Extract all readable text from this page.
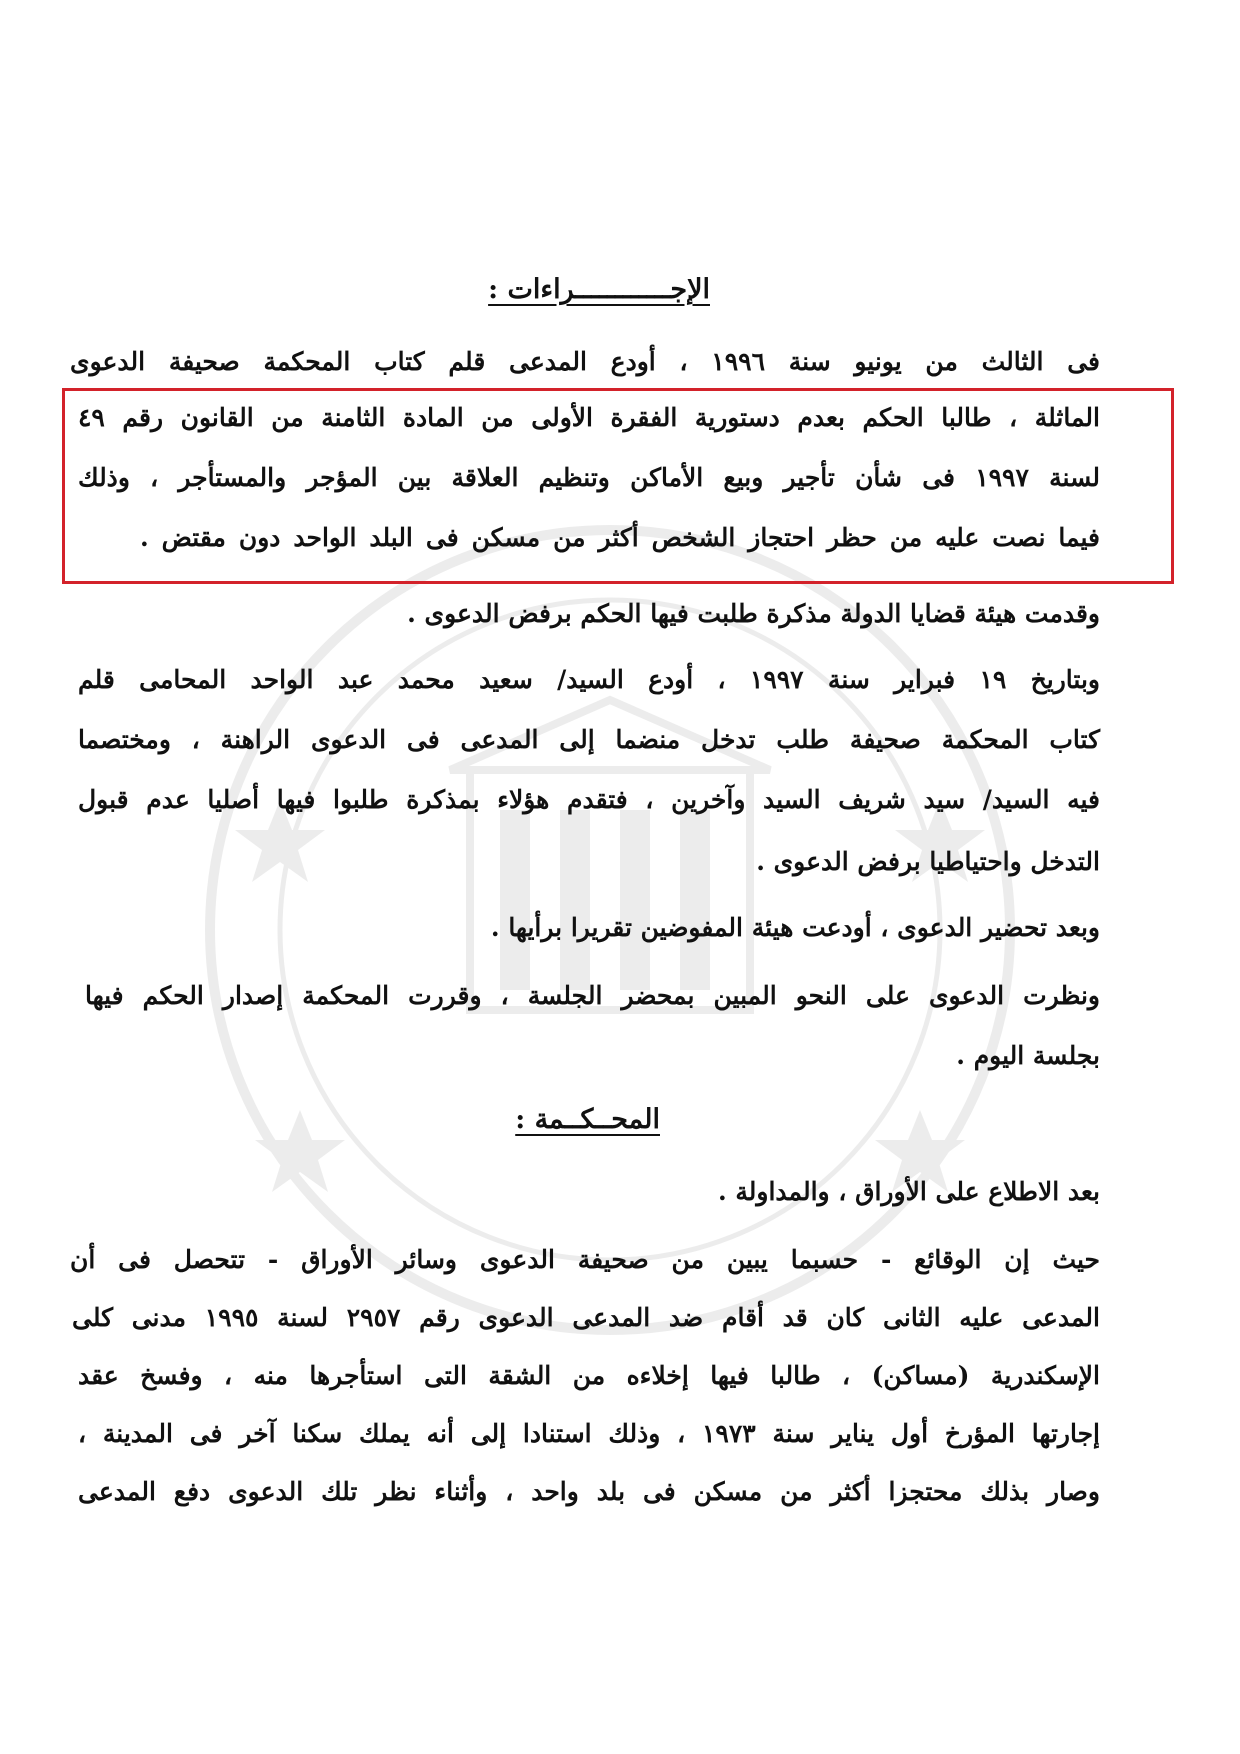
الإجــــــــــــراءات :
فى الثالث من يونيو سنة ١٩٩٦ ، أودع المدعى قلم كتاب المحكمة صحيفة الدعوى
الماثلة ، طالبا الحكم بعدم دستورية الفقرة الأولى من المادة الثامنة من القانون رقم ٤٩
لسنة ١٩٩٧ فى شأن تأجير وبيع الأماكن وتنظيم العلاقة بين المؤجر والمستأجر ، وذلك
فيما نصت عليه من حظر احتجاز الشخص أكثر من مسكن فى البلد الواحد دون مقتض .
وقدمت هيئة قضايا الدولة مذكرة طلبت فيها الحكم برفض الدعوى .
وبتاريخ ١٩ فبراير سنة ١٩٩٧ ، أودع السيد/ سعيد محمد عبد الواحد المحامى قلم
كتاب المحكمة صحيفة طلب تدخل منضما إلى المدعى فى الدعوى الراهنة ، ومختصما
فيه السيد/ سيد شريف السيد وآخرين ، فتقدم هؤلاء بمذكرة طلبوا فيها أصليا عدم قبول
التدخل واحتياطيا برفض الدعوى .
وبعد تحضير الدعوى ، أودعت هيئة المفوضين تقريرا برأيها .
ونظرت الدعوى على النحو المبين بمحضر الجلسة ، وقررت المحكمة إصدار الحكم فيها
بجلسة اليوم .
المحــكــمة :
بعد الاطلاع على الأوراق ، والمداولة .
حيث إن الوقائع - حسبما يبين من صحيفة الدعوى وسائر الأوراق - تتحصل فى أن
المدعى عليه الثانى كان قد أقام ضد المدعى الدعوى رقم ٢٩٥٧ لسنة ١٩٩٥ مدنى كلى
الإسكندرية (مساكن) ، طالبا فيها إخلاءه من الشقة التى استأجرها منه ، وفسخ عقد
إجارتها المؤرخ أول يناير سنة ١٩٧٣ ، وذلك استنادا إلى أنه يملك سكنا آخر فى المدينة ،
وصار بذلك محتجزا أكثر من مسكن فى بلد واحد ، وأثناء نظر تلك الدعوى دفع المدعى
